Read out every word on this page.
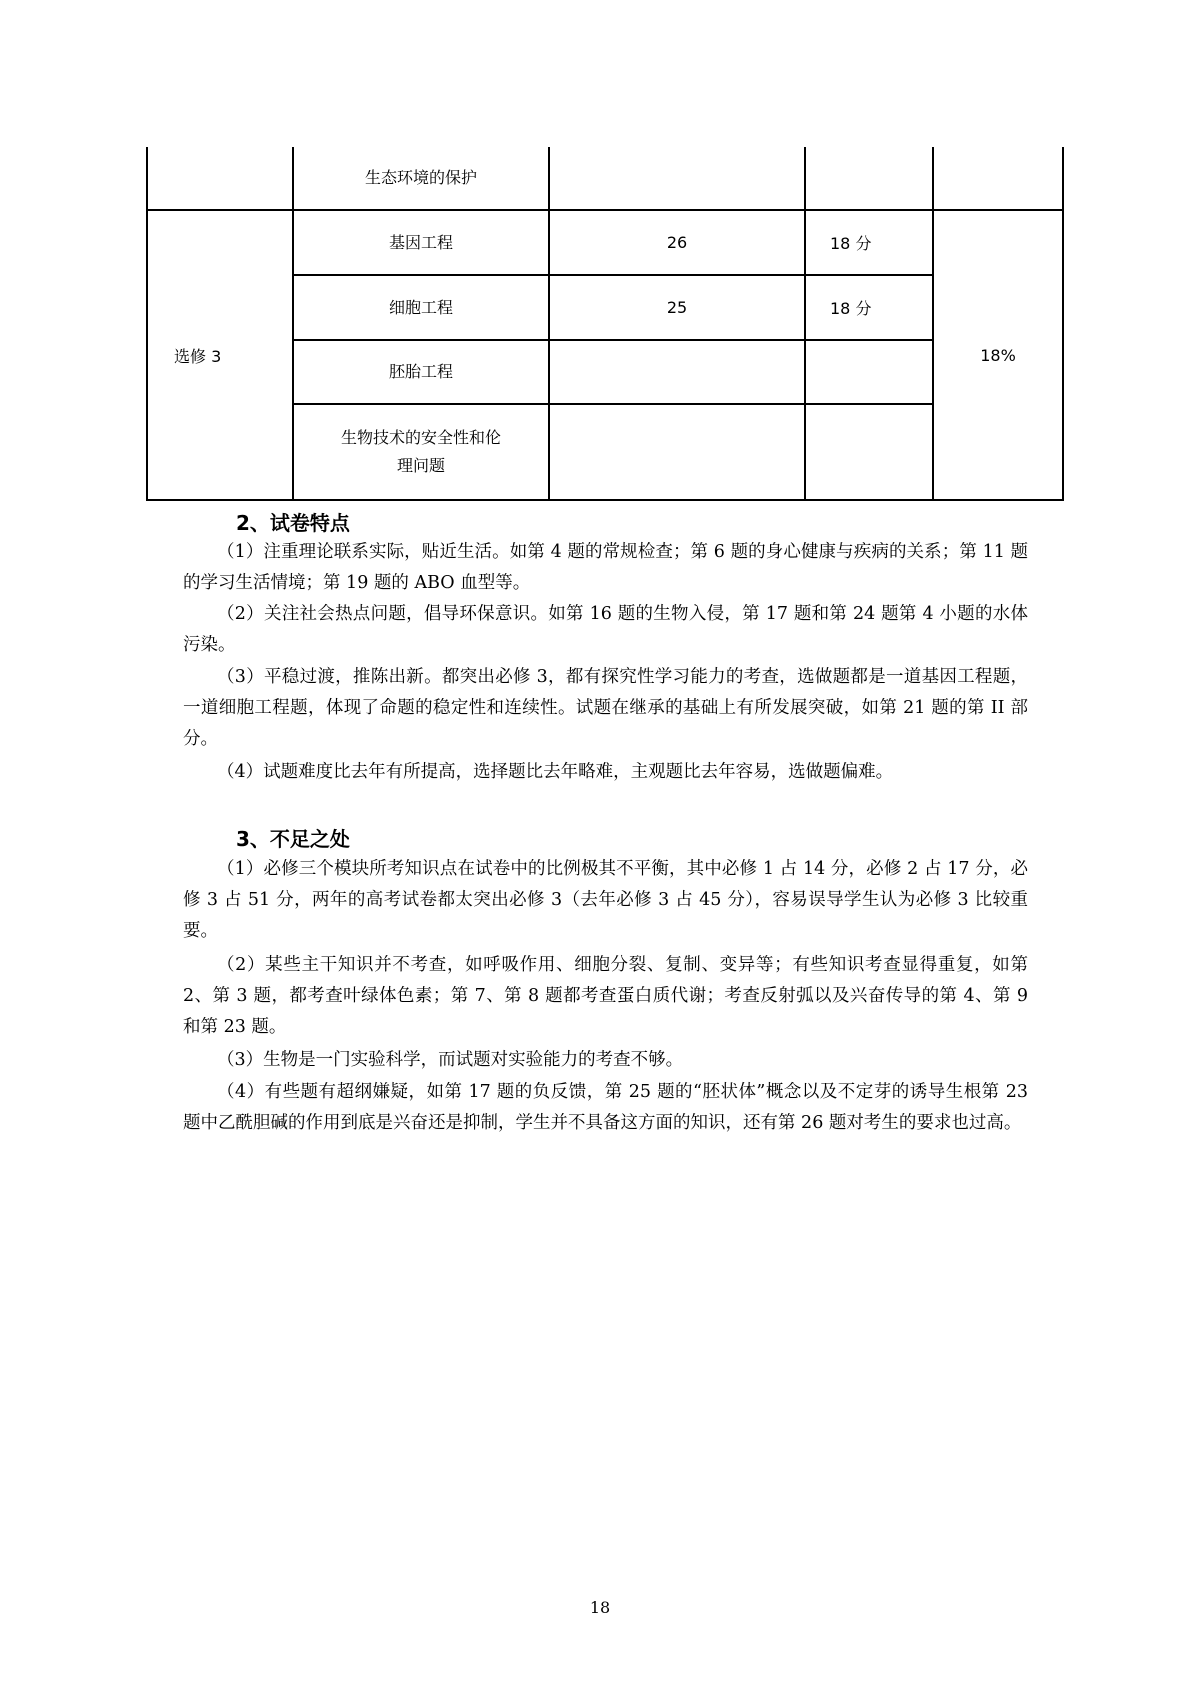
	生态环境的保护			
选修 3	基因工程	26	18 分	18%
	细胞工程	25	18 分	
	胚胎工程			
	生物技术的安全性和伦
理问题			
2、试卷特点

（1）注重理论联系实际，贴近生活。如第 4 题的常规检查；第 6 题的身心健康与疾病的关系；第 11 题的学习生活情境；第 19 题的 ABO 血型等。

（2）关注社会热点问题，倡导环保意识。如第 16 题的生物入侵，第 17 题和第 24 题第 4 小题的水体污染。

（3）平稳过渡，推陈出新。都突出必修 3，都有探究性学习能力的考查，选做题都是一道基因工程题，一道细胞工程题，体现了命题的稳定性和连续性。试题在继承的基础上有所发展突破，如第 21 题的第 II 部分。

（4）试题难度比去年有所提高，选择题比去年略难，主观题比去年容易，选做题偏难。

3、不足之处

（1）必修三个模块所考知识点在试卷中的比例极其不平衡，其中必修 1 占 14 分，必修 2 占 17 分，必修 3 占 51 分，两年的高考试卷都太突出必修 3（去年必修 3 占 45 分），容易误导学生认为必修 3 比较重要。

（2）某些主干知识并不考查，如呼吸作用、细胞分裂、复制、变异等；有些知识考查显得重复，如第 2、第 3 题，都考查叶绿体色素；第 7、第 8 题都考查蛋白质代谢；考查反射弧以及兴奋传导的第 4、第 9 和第 23 题。

（3）生物是一门实验科学，而试题对实验能力的考查不够。

（4）有些题有超纲嫌疑，如第 17 题的负反馈，第 25 题的“胚状体”概念以及不定芽的诱导生根第 23 题中乙酰胆碱的作用到底是兴奋还是抑制，学生并不具备这方面的知识，还有第 26 题对考生的要求也过高。

18
